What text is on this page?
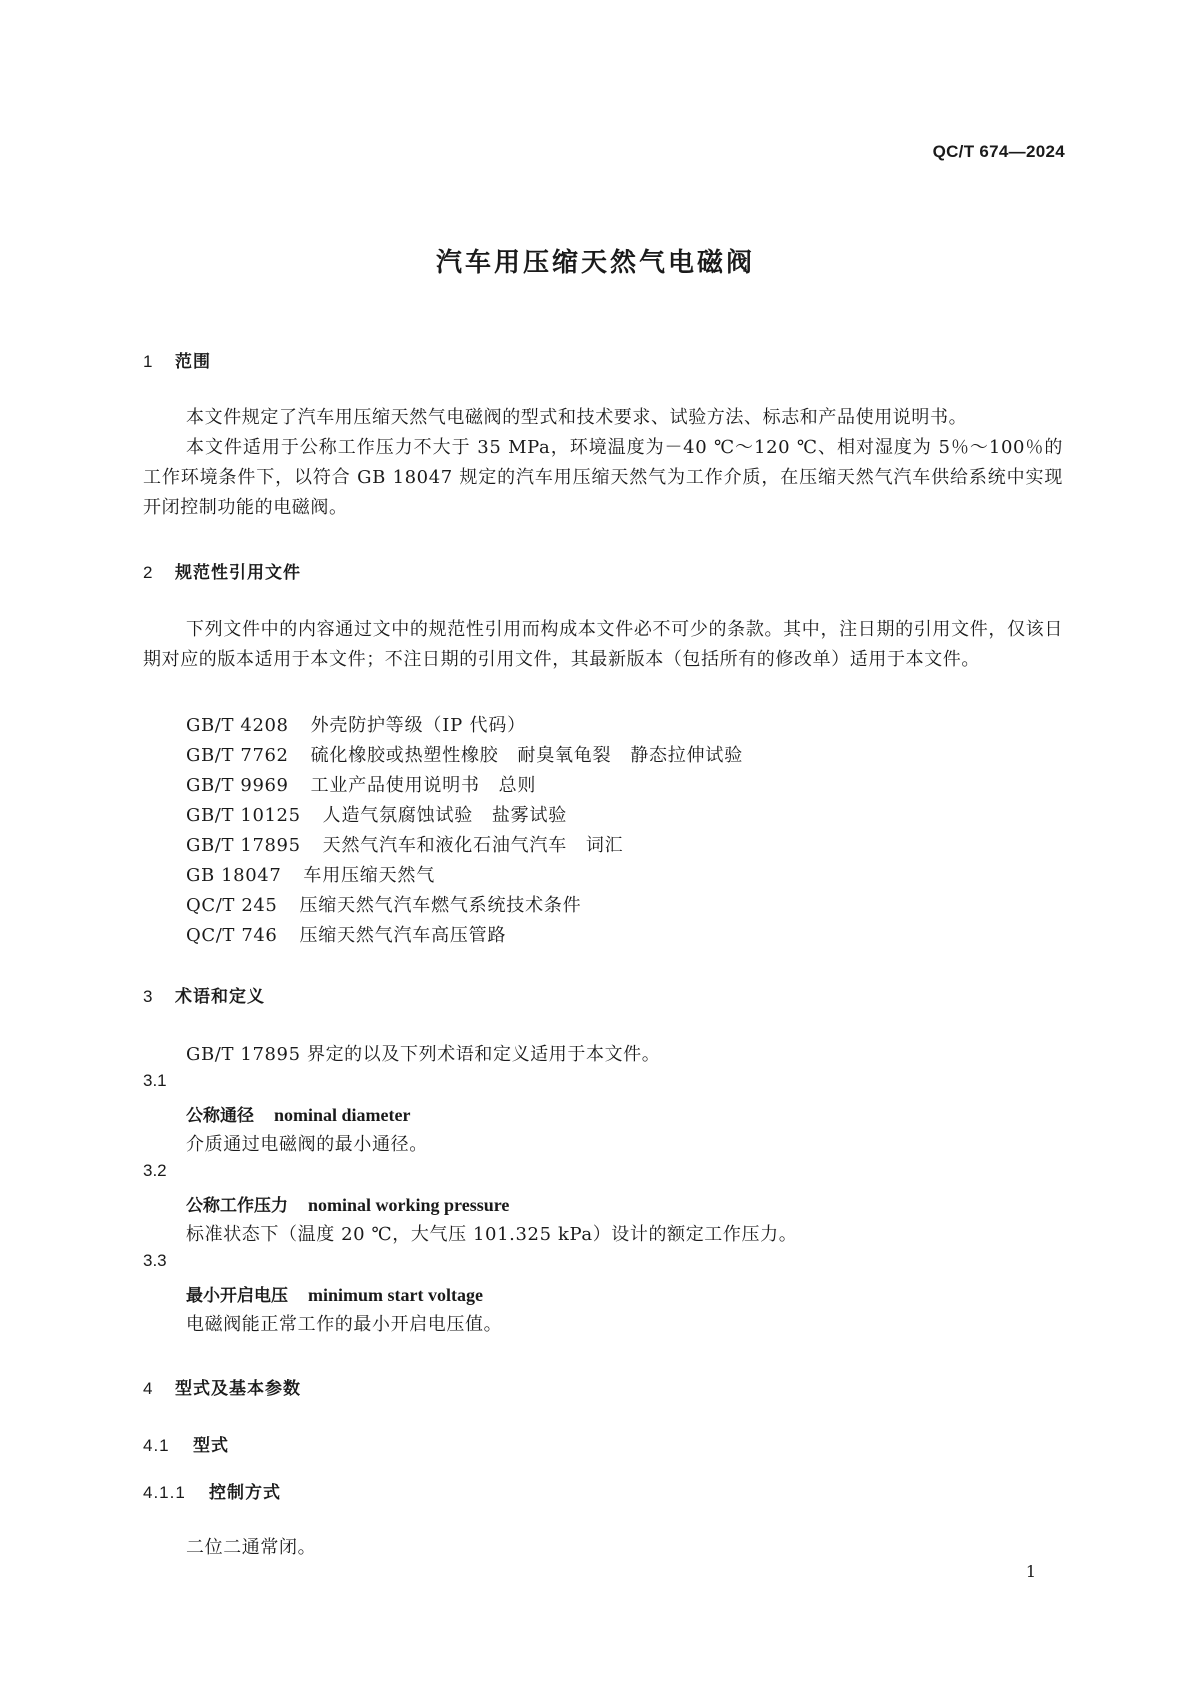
QC/T 674—2024
汽车用压缩天然气电磁阀
1 范围
本文件规定了汽车用压缩天然气电磁阀的型式和技术要求、试验方法、标志和产品使用说明书。
本文件适用于公称工作压力不大于 35 MPa，环境温度为－40 ℃～120 ℃、相对湿度为 5％～100％的工作环境条件下，以符合 GB 18047 规定的汽车用压缩天然气为工作介质，在压缩天然气汽车供给系统中实现开闭控制功能的电磁阀。
2 规范性引用文件
下列文件中的内容通过文中的规范性引用而构成本文件必不可少的条款。其中，注日期的引用文件，仅该日期对应的版本适用于本文件；不注日期的引用文件，其最新版本（包括所有的修改单）适用于本文件。
GB/T 4208 外壳防护等级（IP 代码）
GB/T 7762 硫化橡胶或热塑性橡胶　耐臭氧龟裂　静态拉伸试验
GB/T 9969 工业产品使用说明书　总则
GB/T 10125 人造气氛腐蚀试验　盐雾试验
GB/T 17895 天然气汽车和液化石油气汽车　词汇
GB 18047 车用压缩天然气
QC/T 245 压缩天然气汽车燃气系统技术条件
QC/T 746 压缩天然气汽车高压管路
3 术语和定义
GB/T 17895 界定的以及下列术语和定义适用于本文件。
3.1
公称通径 nominal diameter
介质通过电磁阀的最小通径。
3.2
公称工作压力 nominal working pressure
标准状态下（温度 20 ℃，大气压 101.325 kPa）设计的额定工作压力。
3.3
最小开启电压 minimum start voltage
电磁阀能正常工作的最小开启电压值。
4 型式及基本参数
4.1 型式
4.1.1 控制方式
二位二通常闭。
1
